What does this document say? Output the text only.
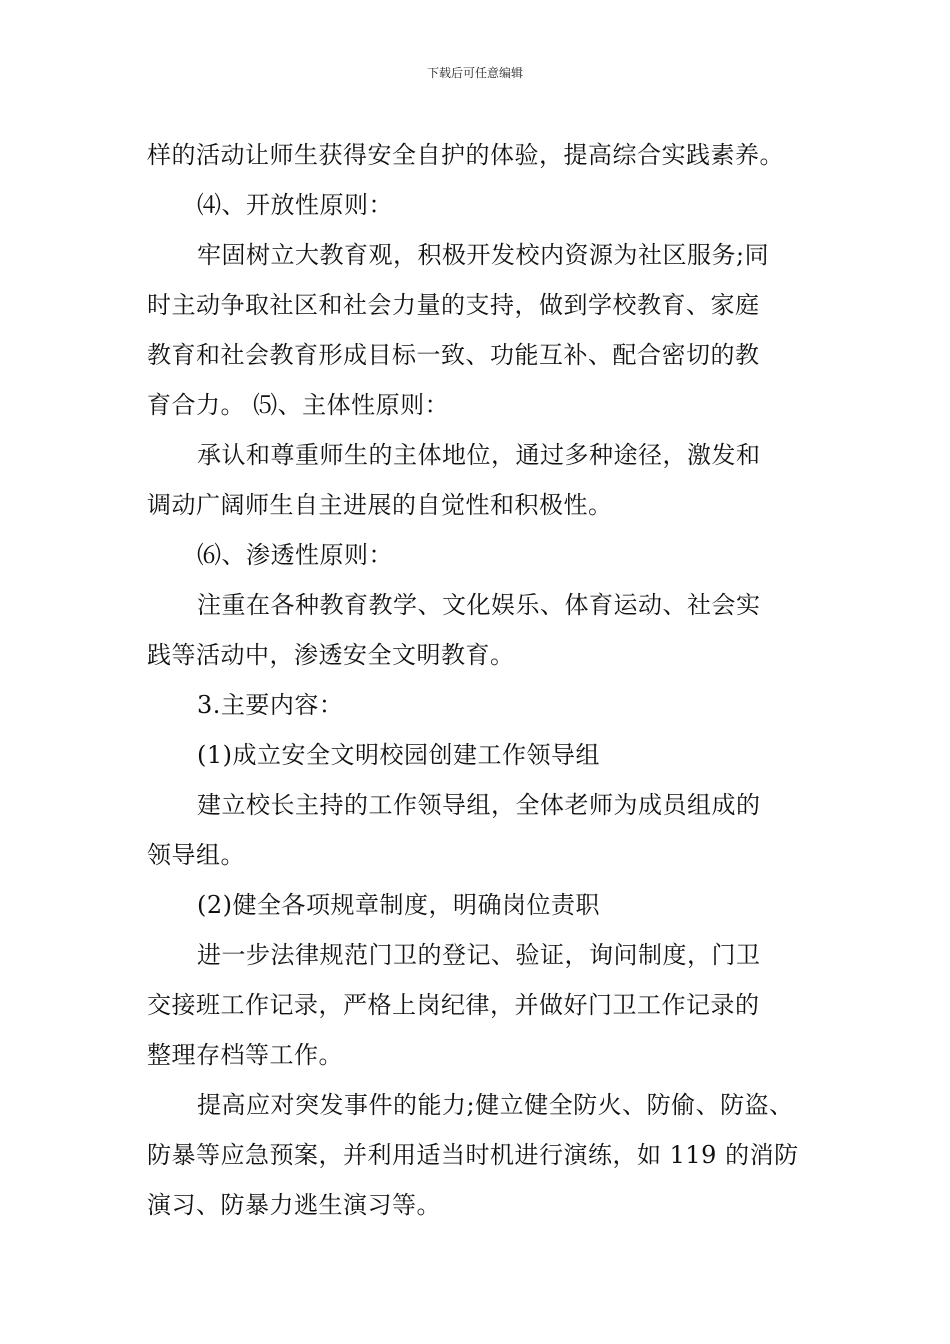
下载后可任意编辑
样的活动让师生获得安全自护的体验，提高综合实践素养。
⑷、开放性原则：
牢固树立大教育观，积极开发校内资源为社区服务;同
时主动争取社区和社会力量的支持，做到学校教育、家庭
教育和社会教育形成目标一致、功能互补、配合密切的教
育合力。 ⑸、主体性原则：
承认和尊重师生的主体地位，通过多种途径，激发和
调动广阔师生自主进展的自觉性和积极性。
⑹、渗透性原则：
注重在各种教育教学、文化娱乐、体育运动、社会实
践等活动中，渗透安全文明教育。
3.主要内容：
(1)成立安全文明校园创建工作领导组
建立校长主持的工作领导组，全体老师为成员组成的
领导组。
(2)健全各项规章制度，明确岗位责职
进一步法律规范门卫的登记、验证，询问制度，门卫
交接班工作记录，严格上岗纪律，并做好门卫工作记录的
整理存档等工作。
提高应对突发事件的能力;健立健全防火、防偷、防盗、
防暴等应急预案，并利用适当时机进行演练，如 119 的消防
演习、防暴力逃生演习等。
